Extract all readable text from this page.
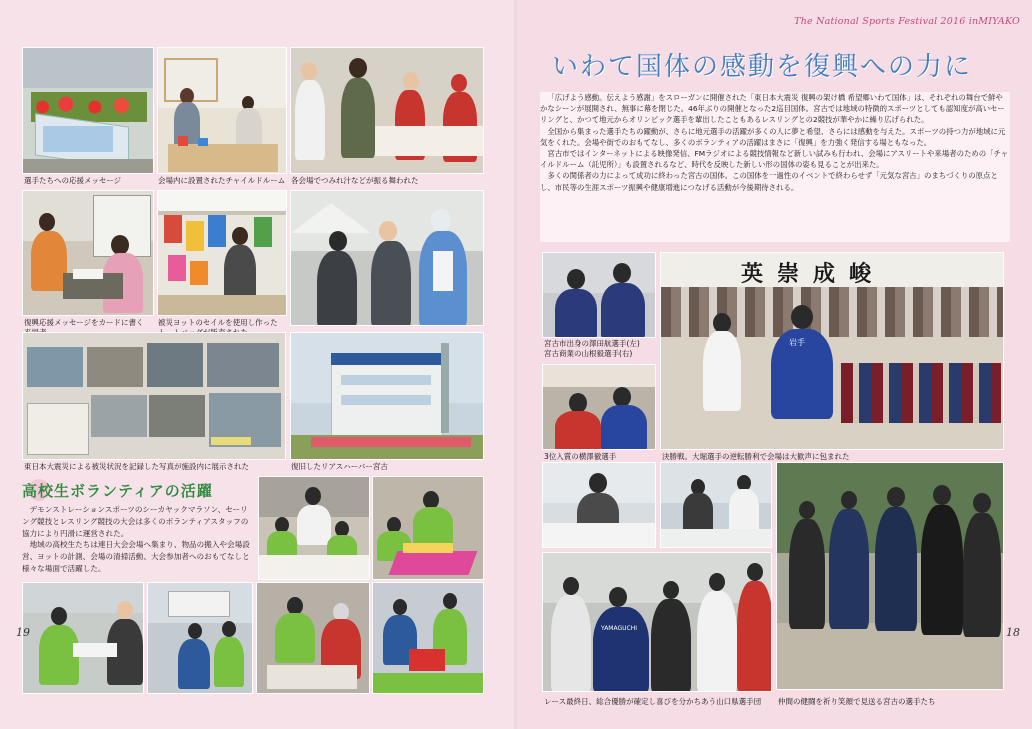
選手たちへの応援メッセージ	会場内に設置されたチャイルドルーム 各会場でつみれ汁などが振る舞われた
復興応援メッセージをカードに書く 被災ヨットのセイルを使用し作った

東日本大震災による被災状況を記録した写真が施設内に展示された	復旧したリアスハーバー宮古
高校生ボランティアの活躍

デモンストレーションスポーツのシーカヤックマラソン、セーリング競技とレスリング競技の大会は多くのボランティアスタッフの協力により円滑に運営された。

地域の高校生たちは連日大会会場へ集まり、物品の搬入や会場設営、ヨットの計測、会場の清掃活動、大会参加者へのおもてなしと様々な場面で活躍した。

19
The National Sports Festival 2016 inMIYAKO
いわて国体の感動を復興への力に

「広げよう感動。伝えよう感謝」をスローガンに開催された「東日本大震災 復興の架け橋 希望郷いわて国体」は、それぞれの舞台で鮮やかなシーンが展開され、無事に幕を閉じた。46年ぶりの開催となった2巡目国体。宮古では地域の特徴的スポーツとしても認知度が高いセーリングと、かつて地元からオリンピック選手を輩出したこともあるレスリングとの2競技が華やかに繰り広げられた。

全国から集まった選手たちの躍動が、さらに地元選手の活躍が多くの人に夢と希望、さらには感動を与えた。スポーツの持つ力が地域に元気をくれた。会場や街でのおもてなし、多くのボランティアの活躍はまさに「復興」を力強く発信する場ともなった。

宮古市ではインターネットによる映像発信、FMラジオによる競技情報など新しい試みも行われ、会場にアスリートや来場者のための「チャイルドルーム（託児所）」も設置されるなど、時代を反映した新しい形の国体の姿も見ることが出来た。

多くの関係者の力によって成功に終わった宮古の国体。この国体を一過性のイベントで終わらせず「元気な宮古」のまちづくりの原点とし、市民等の生涯スポーツ振興や健康増進につなげる活動が今後期待される。

宮古市出身の澤田航選手(左)
宮古商業の山根毅選手(右)
英 崇 成 峻
岩手
3位入賞の横澤徹選手	決勝戦。大堀選手の逆転勝利で会場は大歓声に包まれた
YAMAGUCHI
レース最終日、総合優勝が確定し喜びを分かちあう山口県選手団 仲間の健闘を祈り笑顔で見送る宮古の選手たち
18
